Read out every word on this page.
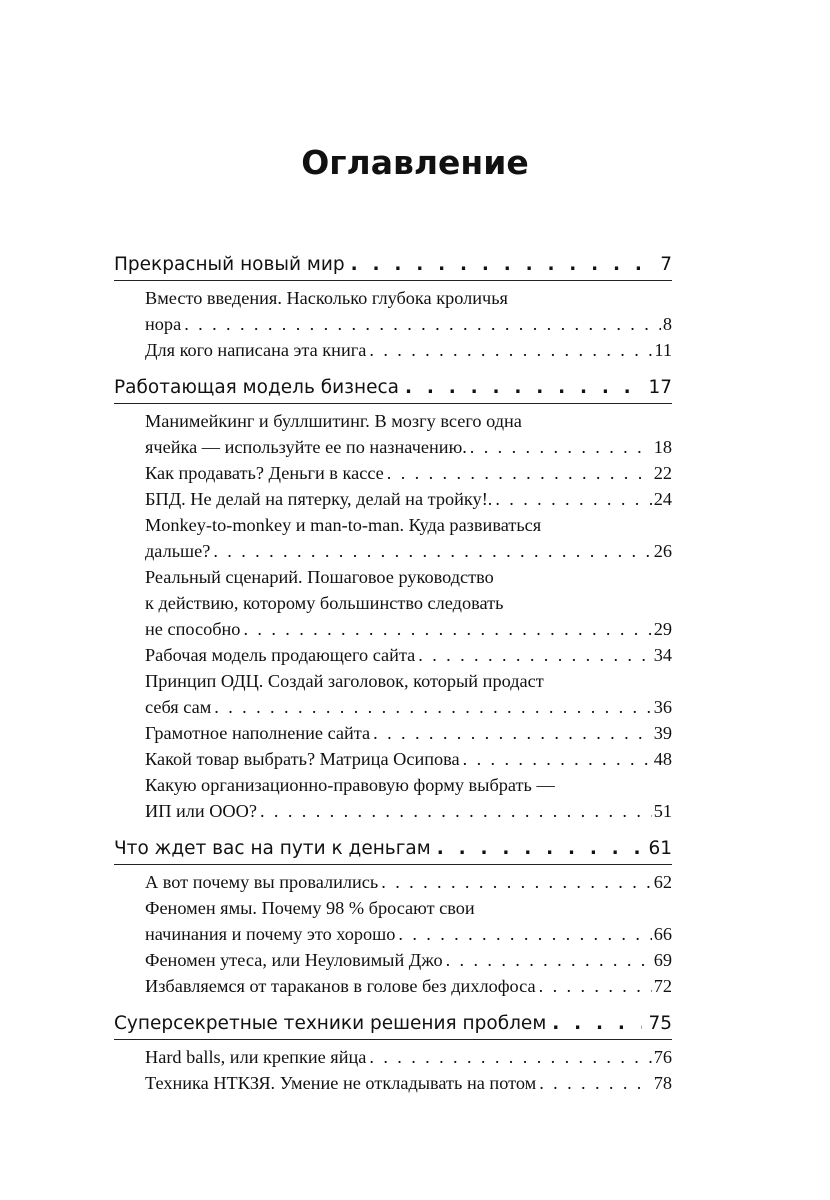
Оглавление
Прекрасный новый мир . . .	7
Вместо введения. Насколько глубока кроличья
нора . . .	8
Для кого написана эта книга . . .	11
Работающая модель бизнеса . . .	17
Манимейкинг и буллшитинг. В мозгу всего одна
ячейка — используйте ее по назначению. . . .	18
Как продавать? Деньги в кассе . . .	22
БПД. Не делай на пятерку, делай на тройку!. . . .	24
Monkey-to-monkey и man-to-man. Куда развиваться
дальше? . . .	26
Реальный сценарий. Пошаговое руководство
к действию, которому большинство следовать
не способно . . .	29
Рабочая модель продающего сайта . . .	34
Принцип ОДЦ. Создай заголовок, который продаст
себя сам . . .	36
Грамотное наполнение сайта . . .	39
Какой товар выбрать? Матрица Осипова . . .	48
Какую организационно-правовую форму выбрать —
ИП или ООО? . . .	51
Что ждет вас на пути к деньгам . . .	61
А вот почему вы провалились . . .	62
Феномен ямы. Почему 98 % бросают свои
начинания и почему это хорошо . . .	66
Феномен утеса, или Неуловимый Джо . . .	69
Избавляемся от тараканов в голове без дихлофоса . . .	72
Суперсекретные техники решения проблем . . .	75
Hard balls, или крепкие яйца . . .	76
Техника НТКЗЯ. Умение не откладывать на потом . . .	78
